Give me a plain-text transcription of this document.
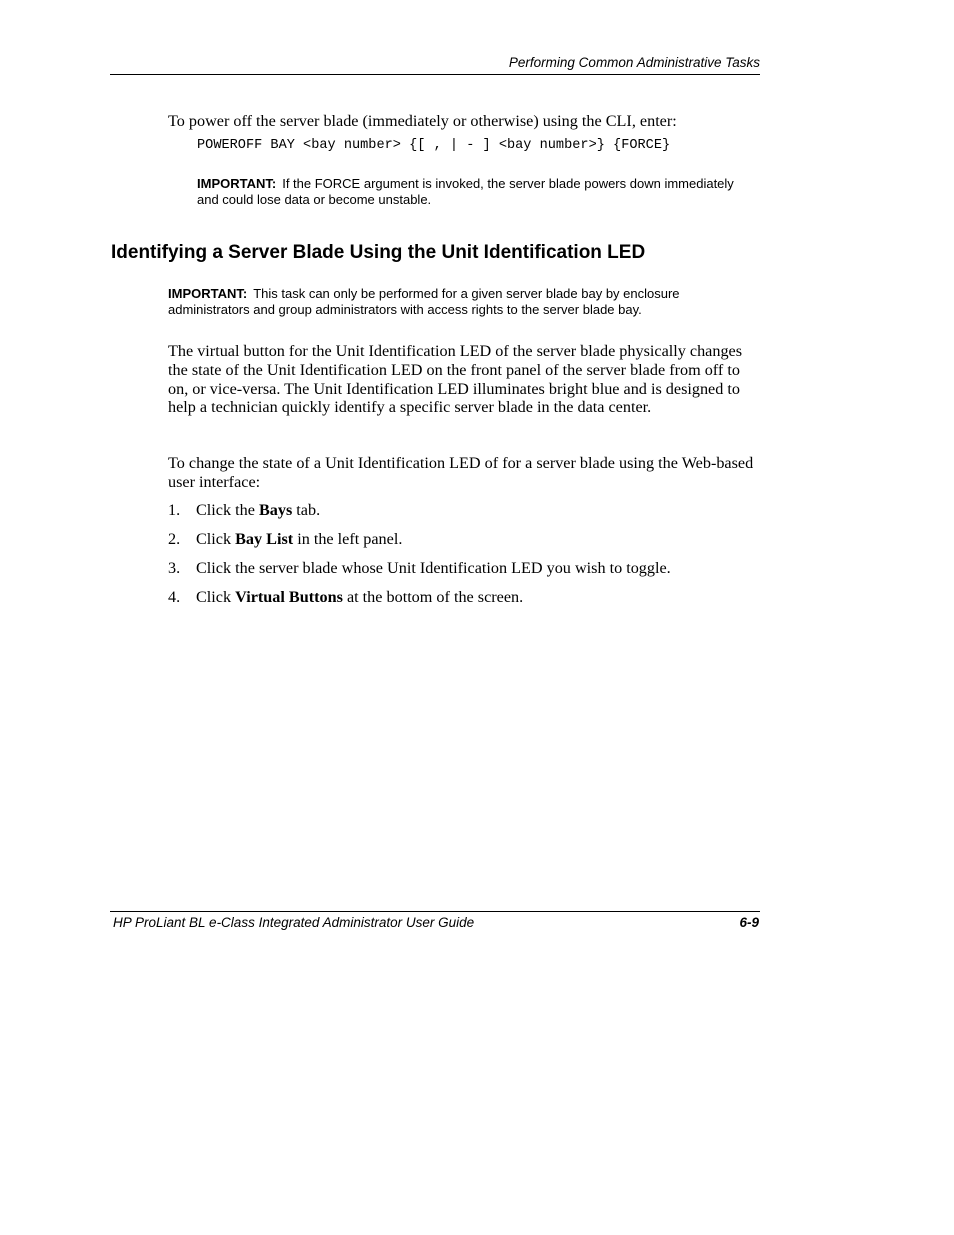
Performing Common Administrative Tasks

To power off the server blade (immediately or otherwise) using the CLI, enter:

POWEROFF BAY <bay number> {[ , | - ] <bay number>} {FORCE}

IMPORTANT: If the FORCE argument is invoked, the server blade powers down immediately and could lose data or become unstable.

Identifying a Server Blade Using the Unit Identification LED

IMPORTANT: This task can only be performed for a given server blade bay by enclosure administrators and group administrators with access rights to the server blade bay.

The virtual button for the Unit Identification LED of the server blade physically changes the state of the Unit Identification LED on the front panel of the server blade from off to on, or vice-versa. The Unit Identification LED illuminates bright blue and is designed to help a technician quickly identify a specific server blade in the data center.

To change the state of a Unit Identification LED of for a server blade using the Web-based user interface:

1. Click the Bays tab.
2. Click Bay List in the left panel.
3. Click the server blade whose Unit Identification LED you wish to toggle.
4. Click Virtual Buttons at the bottom of the screen.
HP ProLiant BL e-Class Integrated Administrator User Guide	6-9
